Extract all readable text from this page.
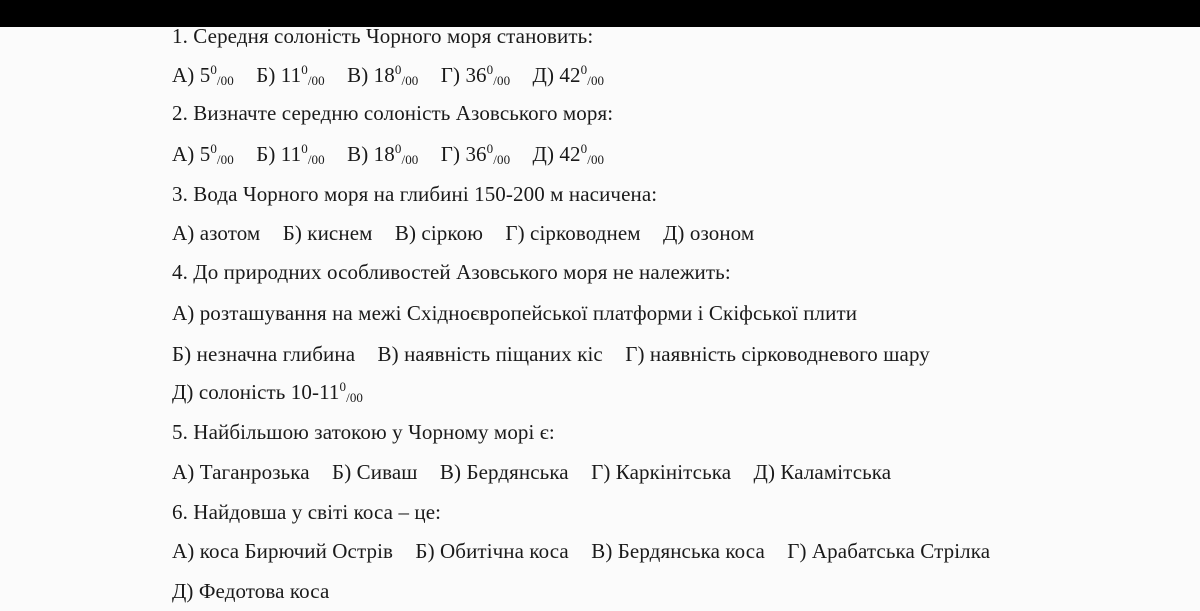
1. Середня солоність Чорного моря становить:
А) $5^0_{/00}$ Б) $11^0_{/00}$ В) $18^0_{/00}$ Г) $36^0_{/00}$ Д) $42^0_{/00}$
2. Визначте середню солоність Азовського моря:
А) $5^0_{/00}$ Б) $11^0_{/00}$ В) $18^0_{/00}$ Г) $36^0_{/00}$ Д) $42^0_{/00}$
3. Вода Чорного моря на глибині 150-200 м насичена:
А) азотом Б) киснем В) сіркою Г) сірководнем Д) озоном
4. До природних особливостей Азовського моря не належить:
А) розташування на межі Східноєвропейської платформи і Скіфської плити
Б) незначна глибина В) наявність піщаних кіс Г) наявність сірководневого шару
Д) солоність $10-11^0_{/00}$
5. Найбільшою затокою у Чорному морі є:
А) Таганрозька Б) Сиваш В) Бердянська Г) Каркінітська Д) Каламітська
6. Найдовша у світі коса – це:
А) коса Бирючий Острів Б) Обитічна коса В) Бердянська коса Г) Арабатська Стрілка
Д) Федотова коса
